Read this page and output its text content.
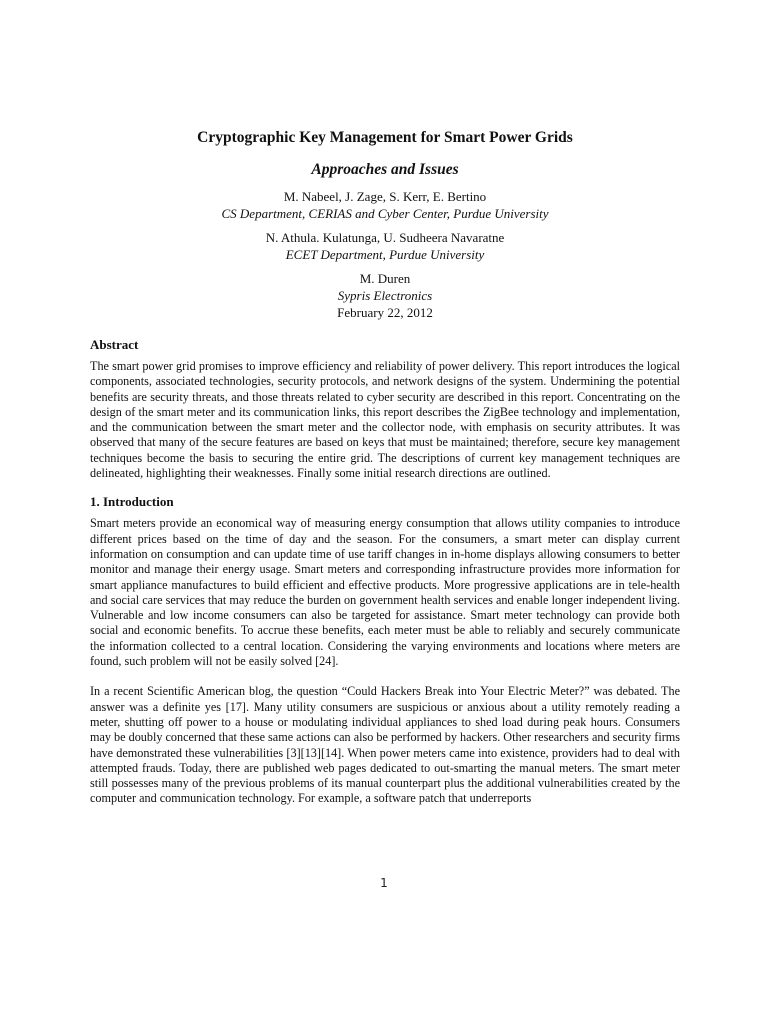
Cryptographic Key Management for Smart Power Grids
Approaches and Issues

M. Nabeel, J. Zage, S. Kerr, E. Bertino

CS Department, CERIAS and Cyber Center, Purdue University

N. Athula. Kulatunga, U. Sudheera Navaratne

ECET Department, Purdue University

M. Duren

Sypris Electronics

February 22, 2012

Abstract

The smart power grid promises to improve efficiency and reliability of power delivery. This report introduces the logical components, associated technologies, security protocols, and network designs of the system. Undermining the potential benefits are security threats, and those threats related to cyber security are described in this report. Concentrating on the design of the smart meter and its communication links, this report describes the ZigBee technology and implementation, and the communication between the smart meter and the collector node, with emphasis on security attributes. It was observed that many of the secure features are based on keys that must be maintained; therefore, secure key management techniques become the basis to securing the entire grid. The descriptions of current key management techniques are delineated, highlighting their weaknesses. Finally some initial research directions are outlined.

1. Introduction

Smart meters provide an economical way of measuring energy consumption that allows utility companies to introduce different prices based on the time of day and the season. For the consumers, a smart meter can display current information on consumption and can update time of use tariff changes in in-home displays allowing consumers to better monitor and manage their energy usage. Smart meters and corresponding infrastructure provides more information for smart appliance manufactures to build efficient and effective products. More progressive applications are in tele-health and social care services that may reduce the burden on government health services and enable longer independent living. Vulnerable and low income consumers can also be targeted for assistance. Smart meter technology can provide both social and economic benefits. To accrue these benefits, each meter must be able to reliably and securely communicate the information collected to a central location. Considering the varying environments and locations where meters are found, such problem will not be easily solved [24].

In a recent Scientific American blog, the question “Could Hackers Break into Your Electric Meter?” was debated. The answer was a definite yes [17]. Many utility consumers are suspicious or anxious about a utility remotely reading a meter, shutting off power to a house or modulating individual appliances to shed load during peak hours. Consumers may be doubly concerned that these same actions can also be performed by hackers. Other researchers and security firms have demonstrated these vulnerabilities [3][13][14]. When power meters came into existence, providers had to deal with attempted frauds. Today, there are published web pages dedicated to out-smarting the manual meters. The smart meter still possesses many of the previous problems of its manual counterpart plus the additional vulnerabilities created by the computer and communication technology. For example, a software patch that underreports

1
